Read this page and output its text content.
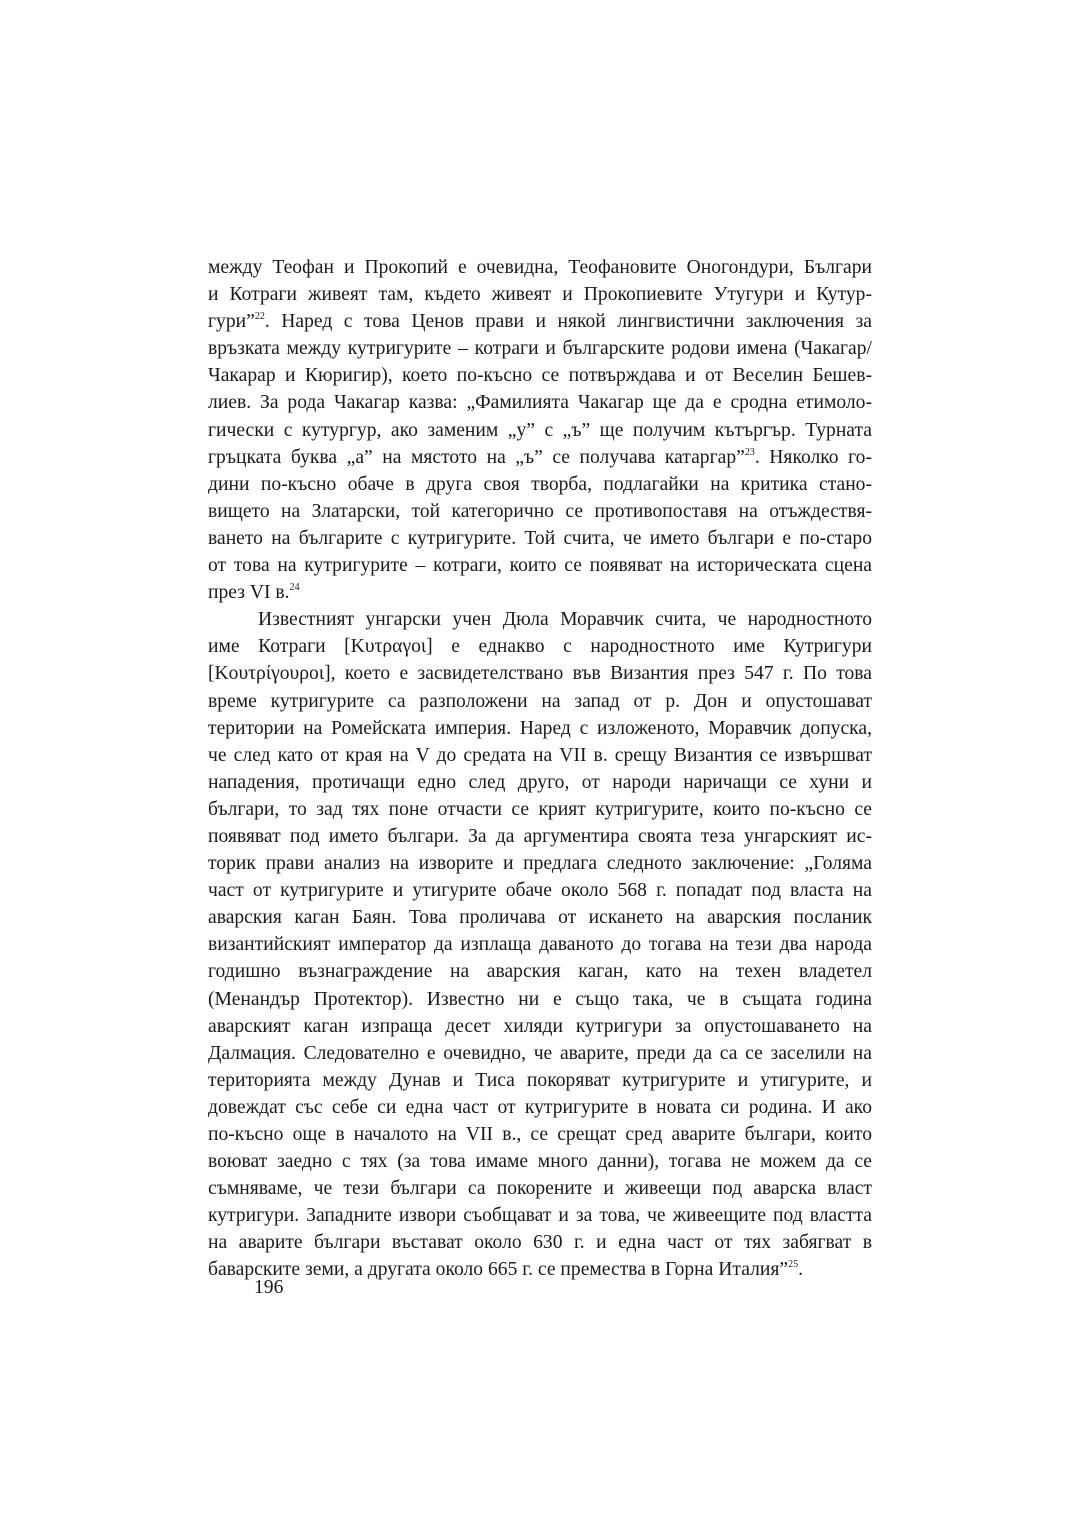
между Теофан и Прокопий е очевидна, Теофановите Оногондури, Българи
и Котраги живеят там, където живеят и Прокопиевите Утугури и Кутур-
гури”$^{22}$. Наред с това Ценов прави и някой лингвистични заключения за
връзката между кутригурите – котраги и българските родови имена (Чакагар/
Чакарар и Кюригир), което по-късно се потвърждава и от Веселин Бешев-
лиев. За рода Чакагар казва: „Фамилията Чакагар ще да е сродна етимоло-
гически с кутургур, ако заменим „у” с „ъ” ще получим кътъргър. Турната
гръцката буква „а” на мястото на „ъ” се получава катаргар”$^{23}$. Няколко го-
дини по-късно обаче в друга своя творба, подлагайки на критика стано-
вището на Златарски, той категорично се противопоставя на отъждествя-
ването на българите с кутригурите. Той счита, че името българи е по-старо
от това на кутригурите – котраги, които се появяват на историческата сцена
през VI в.$^{24}$
Известният унгарски учен Дюла Моравчик счита, че народностното
име Котраги [Κυτραγοι] е еднакво с народностното име Кутригури
[Κουτρίγουροι], което е засвидетелствано във Византия през 547 г. По това
време кутригурите са разположени на запад от р. Дон и опустошават
територии на Ромейската империя. Наред с изложеното, Моравчик допуска,
че след като от края на V до средата на VII в. срещу Византия се извършват
нападения, протичащи едно след друго, от народи наричащи се хуни и
българи, то зад тях поне отчасти се крият кутригурите, които по-късно се
появяват под името българи. За да аргументира своята теза унгарският ис-
торик прави анализ на изворите и предлага следното заключение: „Голяма
част от кутригурите и утигурите обаче около 568 г. попадат под власта на
аварския каган Баян. Това проличава от искането на аварския посланик
византийският император да изплаща даваното до тогава на тези два народа
годишно възнаграждение на аварския каган, като на техен владетел
(Менандър Протектор). Известно ни е също така, че в същата година
аварският каган изпраща десет хиляди кутригури за опустошаването на
Далмация. Следователно е очевидно, че аварите, преди да са се заселили на
територията между Дунав и Тиса покоряват кутригурите и утигурите, и
довеждат със себе си една част от кутригурите в новата си родина. И ако
по-късно още в началото на VII в., се срещат сред аварите българи, които
воюват заедно с тях (за това имаме много данни), тогава не можем да се
съмняваме, че тези българи са покорените и живеещи под аварска власт
кутригури. Западните извори съобщават и за това, че живеещите под властта
на аварите българи въстават около 630 г. и една част от тях забягват в
баварските земи, а другата около 665 г. се премества в Горна Италия”$^{25}$.
196
